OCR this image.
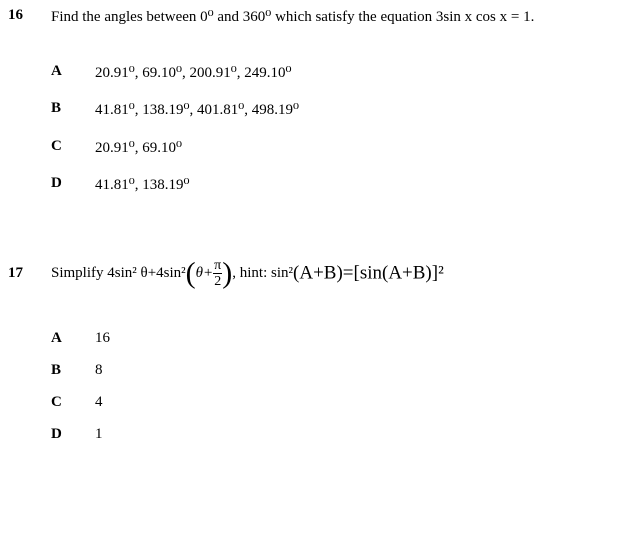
16 Find the angles between 0⁰ and 360⁰ which satisfy the equation 3sin x cos x = 1.
A 20.91⁰, 69.10⁰, 200.91⁰, 249.10⁰
B 41.81⁰, 138.19⁰, 401.81⁰, 498.19⁰
C 20.91⁰, 69.10⁰
D 41.81⁰, 138.19⁰
17 Simplify 4sin² $\theta+4\sin^2(\theta+ \frac{\pi}{2}$ ), hint: sin²(A+B)=[sin(A+B)]²
A 16
B 8
C 4
D 1
